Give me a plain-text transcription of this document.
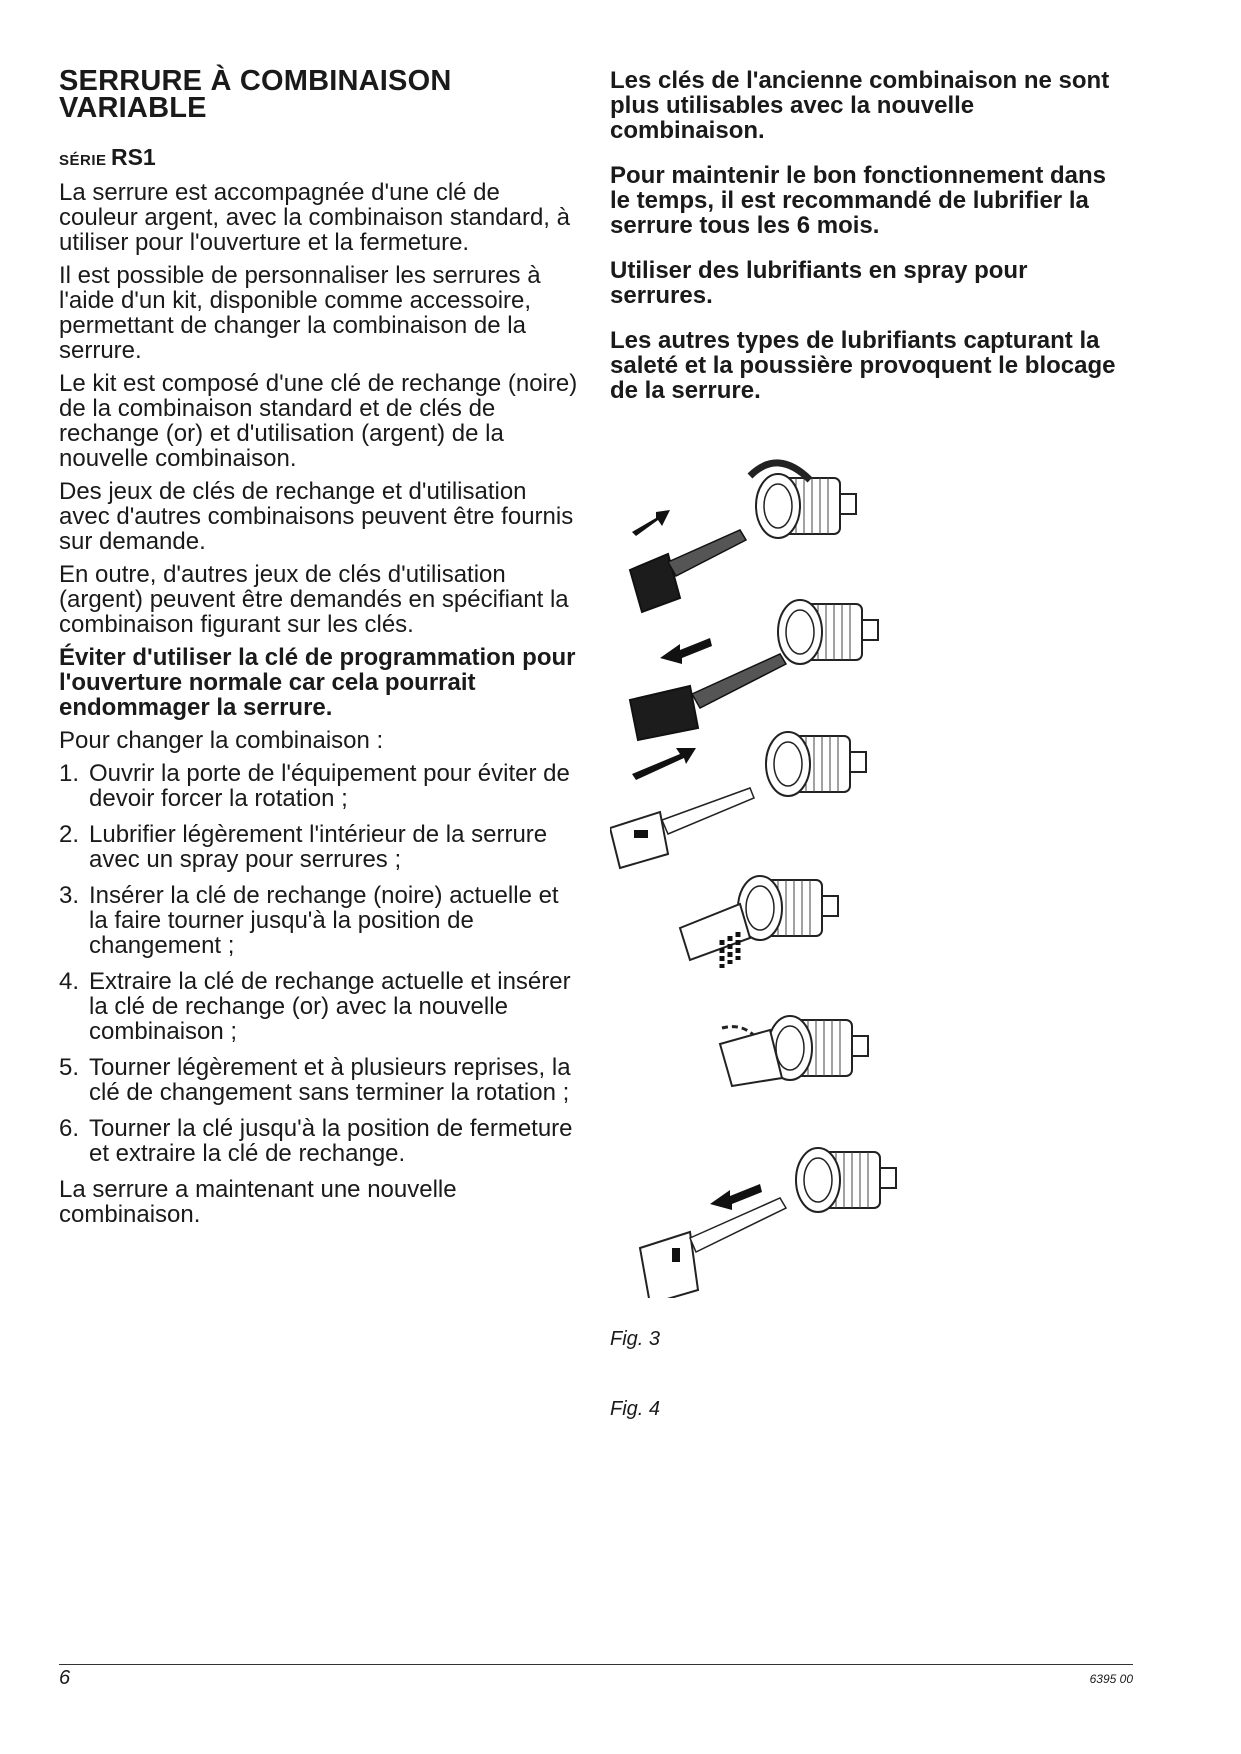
SERRURE À COMBINAISON
VARIABLE
SÉRIE RS1

La serrure est accompagnée d'une clé de couleur argent, avec la combinaison standard, à utiliser pour l'ouverture et la fermeture.

Il est possible de personnaliser les serrures à l'aide d'un kit, disponible comme accessoire, permettant de changer la combinaison de la serrure.

Le kit est composé d'une clé de rechange (noire) de la combinaison standard et de clés de rechange (or) et d'utilisation (argent) de la nouvelle combinaison.

Des jeux de clés de rechange et d'utilisation avec d'autres combinaisons peuvent être fournis sur demande.

En outre, d'autres jeux de clés d'utilisation (argent) peuvent être demandés en spécifiant la combinaison figurant sur les clés.

Éviter d'utiliser la clé de programmation pour l'ouverture normale car cela pourrait endommager la serrure.

Pour changer la combinaison :

1. Ouvrir la porte de l'équipement pour éviter de devoir forcer la rotation ;
2. Lubrifier légèrement l'intérieur de la serrure avec un spray pour serrures ;
3. Insérer la clé de rechange (noire) actuelle et la faire tourner jusqu'à la position de changement ;
4. Extraire la clé de rechange actuelle et insérer la clé de rechange (or) avec la nouvelle combinaison ;
5. Tourner légèrement et à plusieurs reprises, la clé de changement sans terminer la rotation ;
6. Tourner la clé jusqu'à la position de fermeture et extraire la clé de rechange.

La serrure a maintenant une nouvelle combinaison.

Les clés de l'ancienne combinaison ne sont plus utilisables avec la nouvelle combinaison.

Pour maintenir le bon fonctionnement dans le temps, il est recommandé de lubrifier la serrure tous les 6 mois.

Utiliser des lubrifiants en spray pour serrures.

Les autres types de lubrifiants capturant la saleté et la poussière provoquent le blocage de la serrure.

Fig. 3
Fig. 4
6	6395 00
